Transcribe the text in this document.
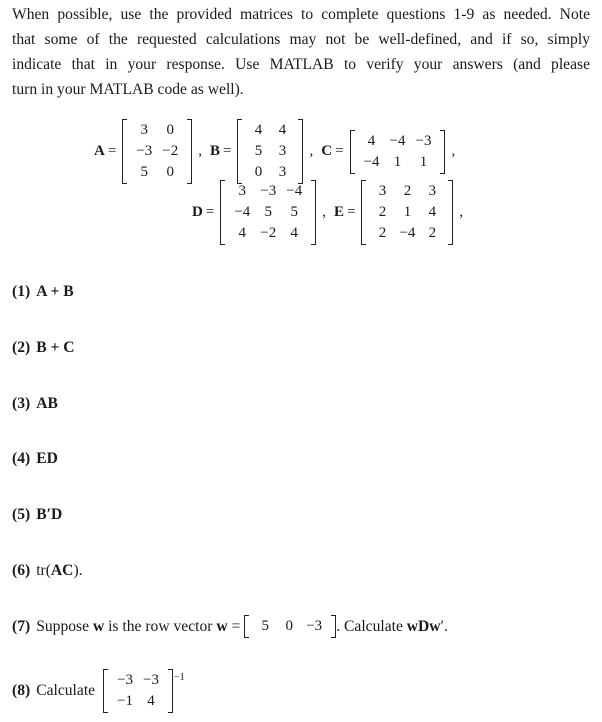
When possible, use the provided matrices to complete questions 1-9 as needed. Note
that some of the requested calculations may not be well-defined, and if so, simply
indicate that in your response. Use MATLAB to verify your answers (and please
turn in your MATLAB code as well).
A =
3	0
−3	−2
5	0
, B =
4	4
5	3
0	3
, C =
4	−4	−3
−4	1	1
,
D =
3	−3	−4
−4	5	5
4	−2	4
, E =
3	2	3
2	1	4
2	−4	2
,
(1) A + B
(2) B + C
(3) AB
(4) ED
(5) B′D
(6) tr( AC ).
(7) Suppose w is the row vector w = 5	0	−3 . Calculate wDw ′.
(8) Calculate
−3	−3
−1	4
−1
